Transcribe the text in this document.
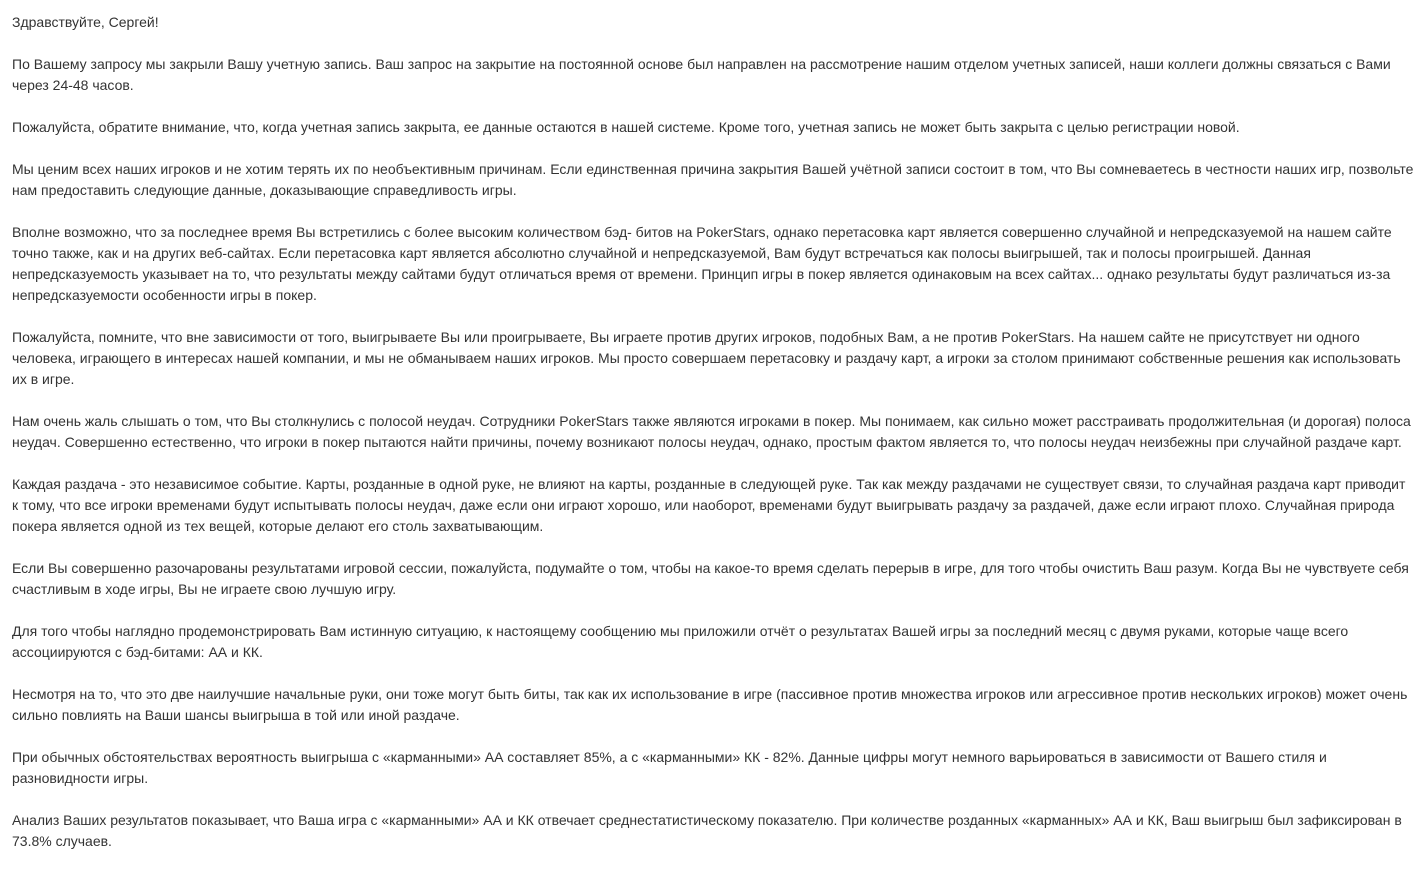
Здравствуйте, Сергей!

По Вашему запросу мы закрыли Вашу учетную запись. Ваш запрос на закрытие на постоянной основе был направлен на рассмотрение нашим отделом учетных записей, наши коллеги должны связаться с Вами через 24-48 часов.

Пожалуйста, обратите внимание, что, когда учетная запись закрыта, ее данные остаются в нашей системе. Кроме того, учетная запись не может быть закрыта с целью регистрации новой.

Мы ценим всех наших игроков и не хотим терять их по необъективным причинам. Если единственная причина закрытия Вашей учётной записи состоит в том, что Вы сомневаетесь в честности наших игр, позвольте нам предоставить следующие данные, доказывающие справедливость игры.

Вполне возможно, что за последнее время Вы встретились с более высоким количеством бэд- битов на PokerStars, однако перетасовка карт является совершенно случайной и непредсказуемой на нашем сайте точно также, как и на других веб-сайтах. Если перетасовка карт является абсолютно случайной и непредсказуемой, Вам будут встречаться как полосы выигрышей, так и полосы проигрышей. Данная непредсказуемость указывает на то, что результаты между сайтами будут отличаться время от времени. Принцип игры в покер является одинаковым на всех сайтах... однако результаты будут различаться из-за непредсказуемости особенности игры в покер.

Пожалуйста, помните, что вне зависимости от того, выигрываете Вы или проигрываете, Вы играете против других игроков, подобных Вам, а не против PokerStars. На нашем сайте не присутствует ни одного человека, играющего в интересах нашей компании, и мы не обманываем наших игроков. Мы просто совершаем перетасовку и раздачу карт, а игроки за столом принимают собственные решения как использовать их в игре.

Нам очень жаль слышать о том, что Вы столкнулись с полосой неудач. Сотрудники PokerStars также являются игроками в покер. Мы понимаем, как сильно может расстраивать продолжительная (и дорогая) полоса неудач. Совершенно естественно, что игроки в покер пытаются найти причины, почему возникают полосы неудач, однако, простым фактом является то, что полосы неудач неизбежны при случайной раздаче карт.

Каждая раздача - это независимое событие. Карты, розданные в одной руке, не влияют на карты, розданные в следующей руке. Так как между раздачами не существует связи, то случайная раздача карт приводит к тому, что все игроки временами будут испытывать полосы неудач, даже если они играют хорошо, или наоборот, временами будут выигрывать раздачу за раздачей, даже если играют плохо. Случайная природа покера является одной из тех вещей, которые делают его столь захватывающим.

Если Вы совершенно разочарованы результатами игровой сессии, пожалуйста, подумайте о том, чтобы на какое-то время сделать перерыв в игре, для того чтобы очистить Ваш разум. Когда Вы не чувствуете себя счастливым в ходе игры, Вы не играете свою лучшую игру.

Для того чтобы наглядно продемонстрировать Вам истинную ситуацию, к настоящему сообщению мы приложили отчёт о результатах Вашей игры за последний месяц с двумя руками, которые чаще всего ассоциируются с бэд-битами: АА и КК.

Несмотря на то, что это две наилучшие начальные руки, они тоже могут быть биты, так как их использование в игре (пассивное против множества игроков или агрессивное против нескольких игроков) может очень сильно повлиять на Ваши шансы выигрыша в той или иной раздаче.

При обычных обстоятельствах вероятность выигрыша с «карманными» АА составляет 85%, а с «карманными» КК - 82%. Данные цифры могут немного варьироваться в зависимости от Вашего стиля и разновидности игры.

Анализ Ваших результатов показывает, что Ваша игра с «карманными» АА и КК отвечает среднестатистическому показателю. При количестве розданных «карманных» АА и КК, Ваш выигрыш был зафиксирован в 73.8% случаев.
